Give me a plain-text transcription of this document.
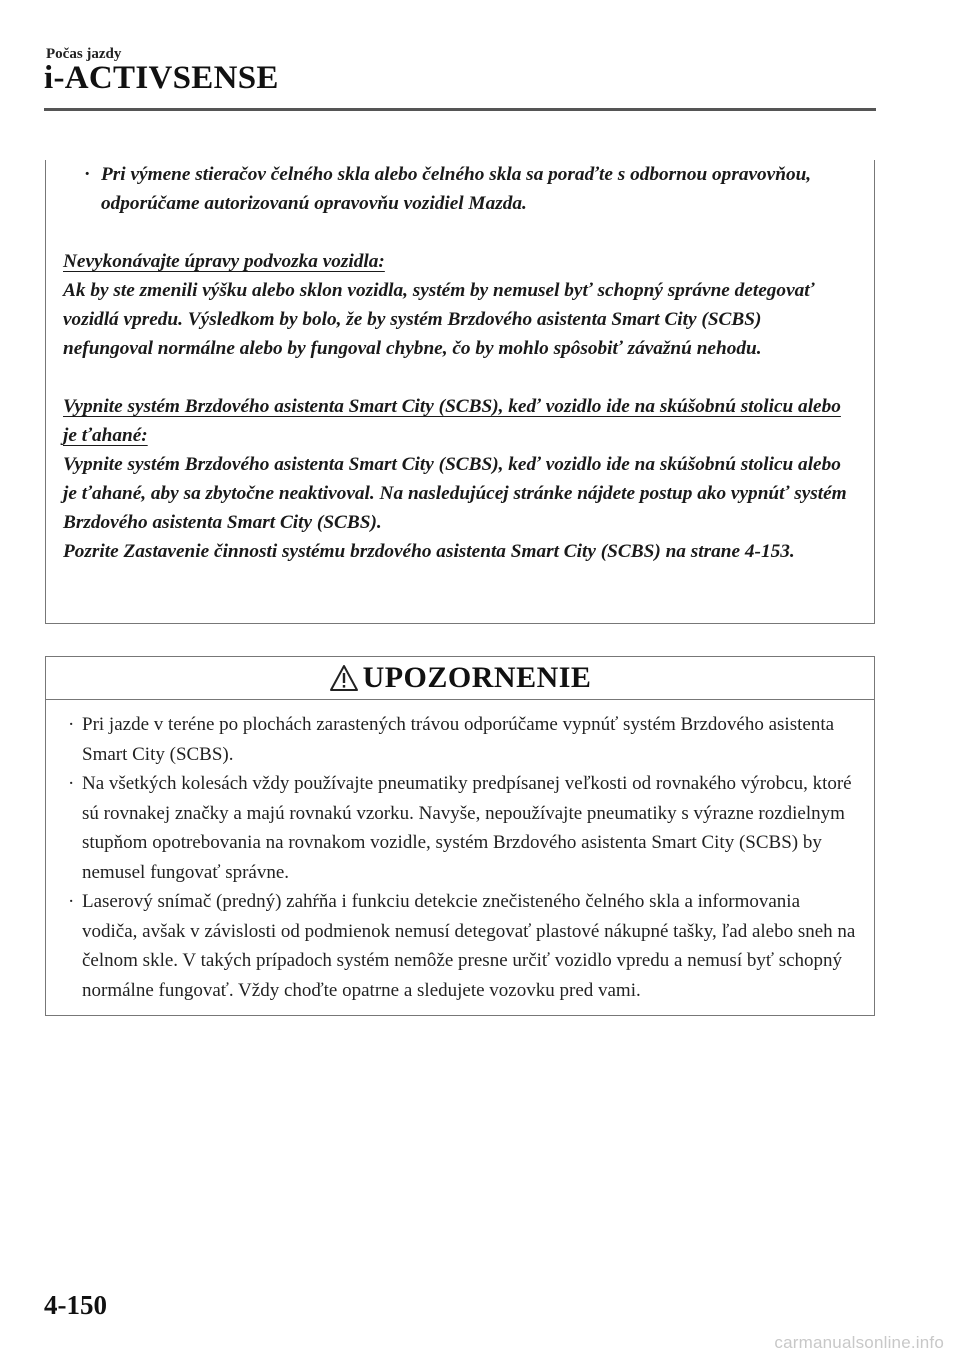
Počas jazdy
i-ACTIVSENSE
· Pri výmene stieračov čelného skla alebo čelného skla sa poraďte s odbornou opravovňou, odporúčame autorizovanú opravovňu vozidiel Mazda.
Nevykonávajte úpravy podvozka vozidla:
Ak by ste zmenili výšku alebo sklon vozidla, systém by nemusel byť schopný správne detegovať vozidlá vpredu. Výsledkom by bolo, že by systém Brzdového asistenta Smart City (SCBS) nefungoval normálne alebo by fungoval chybne, čo by mohlo spôsobiť závažnú nehodu.
Vypnite systém Brzdového asistenta Smart City (SCBS), keď vozidlo ide na skúšobnú stolicu alebo je ťahané:
Vypnite systém Brzdového asistenta Smart City (SCBS), keď vozidlo ide na skúšobnú stolicu alebo je ťahané, aby sa zbytočne neaktivoval. Na nasledujúcej stránke nájdete postup ako vypnúť systém Brzdového asistenta Smart City (SCBS).
Pozrite Zastavenie činnosti systému brzdového asistenta Smart City (SCBS) na strane 4-153.
UPOZORNENIE
· Pri jazde v teréne po plochách zarastených trávou odporúčame vypnúť systém Brzdového asistenta Smart City (SCBS).
· Na všetkých kolesách vždy používajte pneumatiky predpísanej veľkosti od rovnakého výrobcu, ktoré sú rovnakej značky a majú rovnakú vzorku. Navyše, nepoužívajte pneumatiky s výrazne rozdielnym stupňom opotrebovania na rovnakom vozidle, systém Brzdového asistenta Smart City (SCBS) by nemusel fungovať správne.
· Laserový snímač (predný) zahŕňa i funkciu detekcie znečisteného čelného skla a informovania vodiča, avšak v závislosti od podmienok nemusí detegovať plastové nákupné tašky, ľad alebo sneh na čelnom skle. V takých prípadoch systém nemôže presne určiť vozidlo vpredu a nemusí byť schopný normálne fungovať. Vždy choďte opatrne a sledujete vozovku pred vami.
4-150
carmanualsonline.info
